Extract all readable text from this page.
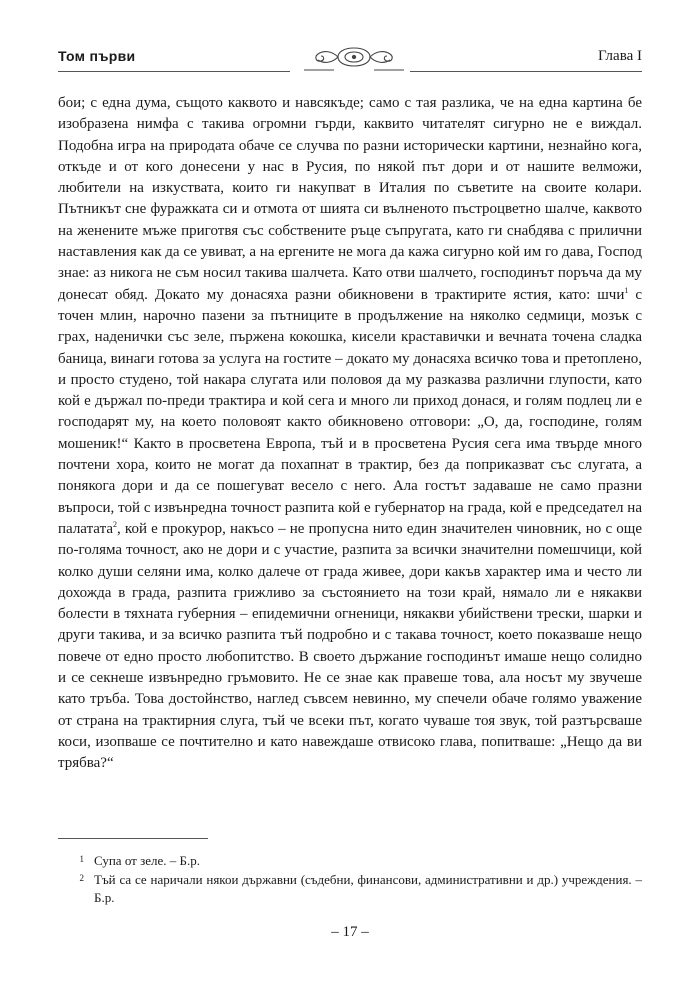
Том първи	Глава I

бои; с една дума, същото каквото и навсякъде; само с тая разлика, че на една картина бе изобразена нимфа с такива огромни гърди, каквито читателят сигурно не е виждал. Подобна игра на природата обаче се случва по разни исторически картини, незнайно кога, откъде и от кого донесени у нас в Русия, по някой път дори и от нашите велможи, любители на изкуствата, които ги накупват в Италия по съветите на своите колари. Пътникът сне фуражката си и отмота от шията си вълненото пъстроцветно шалче, каквото на женените мъже приготвя със собствените ръце съпругата, като ги снабдява с прилични наставления как да се увиват, а на ергените не мога да кажа сигурно кой им го дава, Господ знае: аз никога не съм носил такива шалчета. Като отви шалчето, господинът поръча да му донесат обяд. Докато му донасяха разни обикновени в трактирите ястия, като: шчи$^1$ с точен млин, нарочно пазени за пътниците в продължение на няколко седмици, мозък с грах, наденички със зеле, пържена кокошка, кисели краставички и вечната точена сладка баница, винаги готова за услуга на гостите – докато му донасяха всичко това и претоплено, и просто студено, той накара слугата или половоя да му разказва различни глупости, като кой е държал по-преди трактира и кой сега и много ли приход донася, и голям подлец ли е господарят му, на което половоят както обикновено отговори: „О, да, господине, голям мошеник!“ Както в просветена Европа, тъй и в просветена Русия сега има твърде много почтени хора, които не могат да похапнат в трактир, без да поприказват със слугата, а понякога дори и да се пошегуват весело с него. Ала гостът задаваше не само празни въпроси, той с извънредна точност разпита кой е губернатор на града, кой е председател на палатата$^2$, кой е прокурор, накъсо – не пропусна нито един значителен чиновник, но с още по-голяма точност, ако не дори и с участие, разпита за всички значителни помешчици, кой колко души селяни има, колко далече от града живее, дори какъв характер има и често ли дохожда в града, разпита грижливо за състоянието на този край, нямало ли е някакви болести в тяхната губерния – епидемични огненици, някакви убийствени трески, шарки и други такива, и за всичко разпита тъй подробно и с такава точност, което показваше нещо повече от едно просто любопитство. В своето държание господинът имаше нещо солидно и сe секнеше извънредно гръмовито. Не се знае как правеше това, ала носът му звучеше като тръба. Това достойнство, наглед съвсем невинно, му спечели обаче голямо уважение от страна на трактирния слуга, тъй че всеки път, когато чуваше тоя звук, той разтърсваше коси, изопваше се почтително и като навеждаше отвисоко глава, попитваше: „Нещо да ви трябва?“

1 Супа от зеле. – Б.р.
2 Тъй са се наричали някои държавни (съдебни, финансови, административни и др.) учреждения. – Б.р.
– 17 –
